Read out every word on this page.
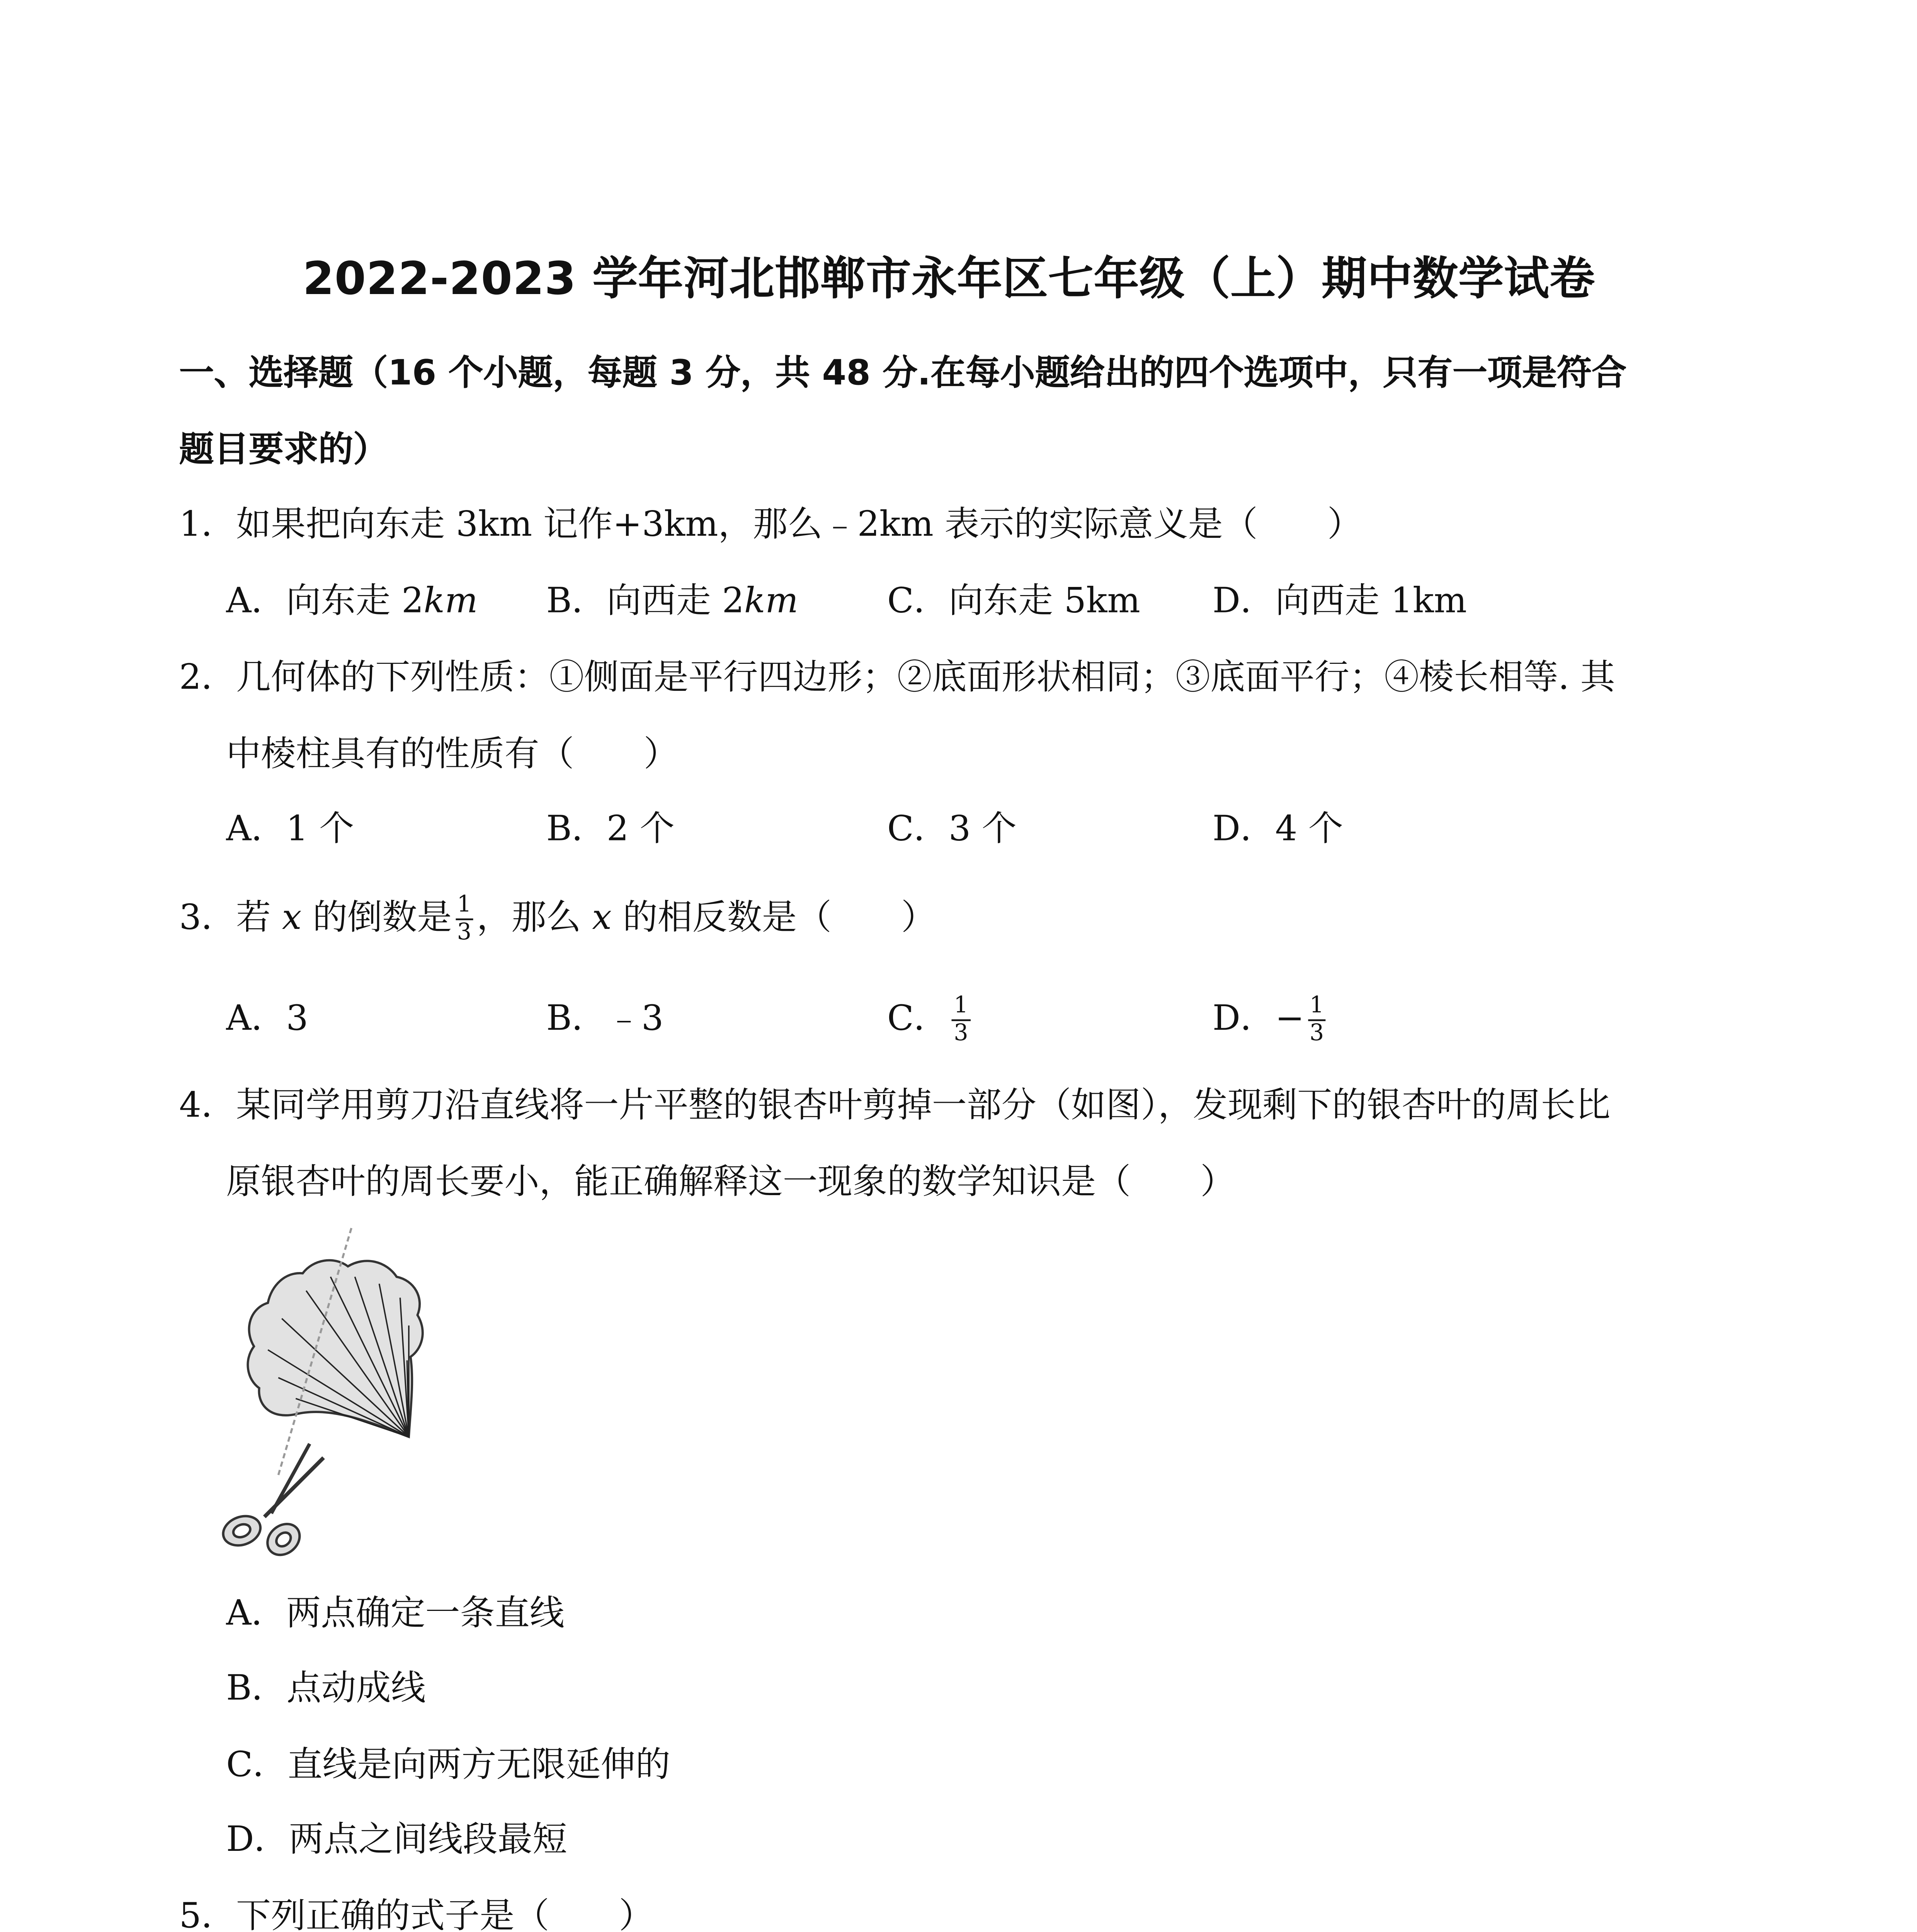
2022-2023 学年河北邯郸市永年区七年级（上）期中数学试卷
一、选择题（16 个小题，每题 3 分，共 48 分.在每小题给出的四个选项中，只有一项是符合
题目要求的）
1．如果把向东走 3km 记作+3km，那么﹣2km 表示的实际意义是（　　）
A．向东走 2km	B．向西走 2km	C．向东走 5km	D．向西走 1km
2．几何体的下列性质：①侧面是平行四边形；②底面形状相同；③底面平行；④棱长相等. 其
中棱柱具有的性质有（　　）
A．1 个	B．2 个	C．3 个	D．4 个
3．若 x 的倒数是 $\frac{1}{3}$ ，那么 x 的相反数是（　　）
A．3	B．﹣3	C． $\frac{1}{3}$	D．− $\frac{1}{3}$
4．某同学用剪刀沿直线将一片平整的银杏叶剪掉一部分（如图），发现剩下的银杏叶的周长比
原银杏叶的周长要小，能正确解释这一现象的数学知识是（　　）
A．两点确定一条直线
B．点动成线
C．直线是向两方无限延伸的
D．两点之间线段最短
5．下列正确的式子是（　　）
